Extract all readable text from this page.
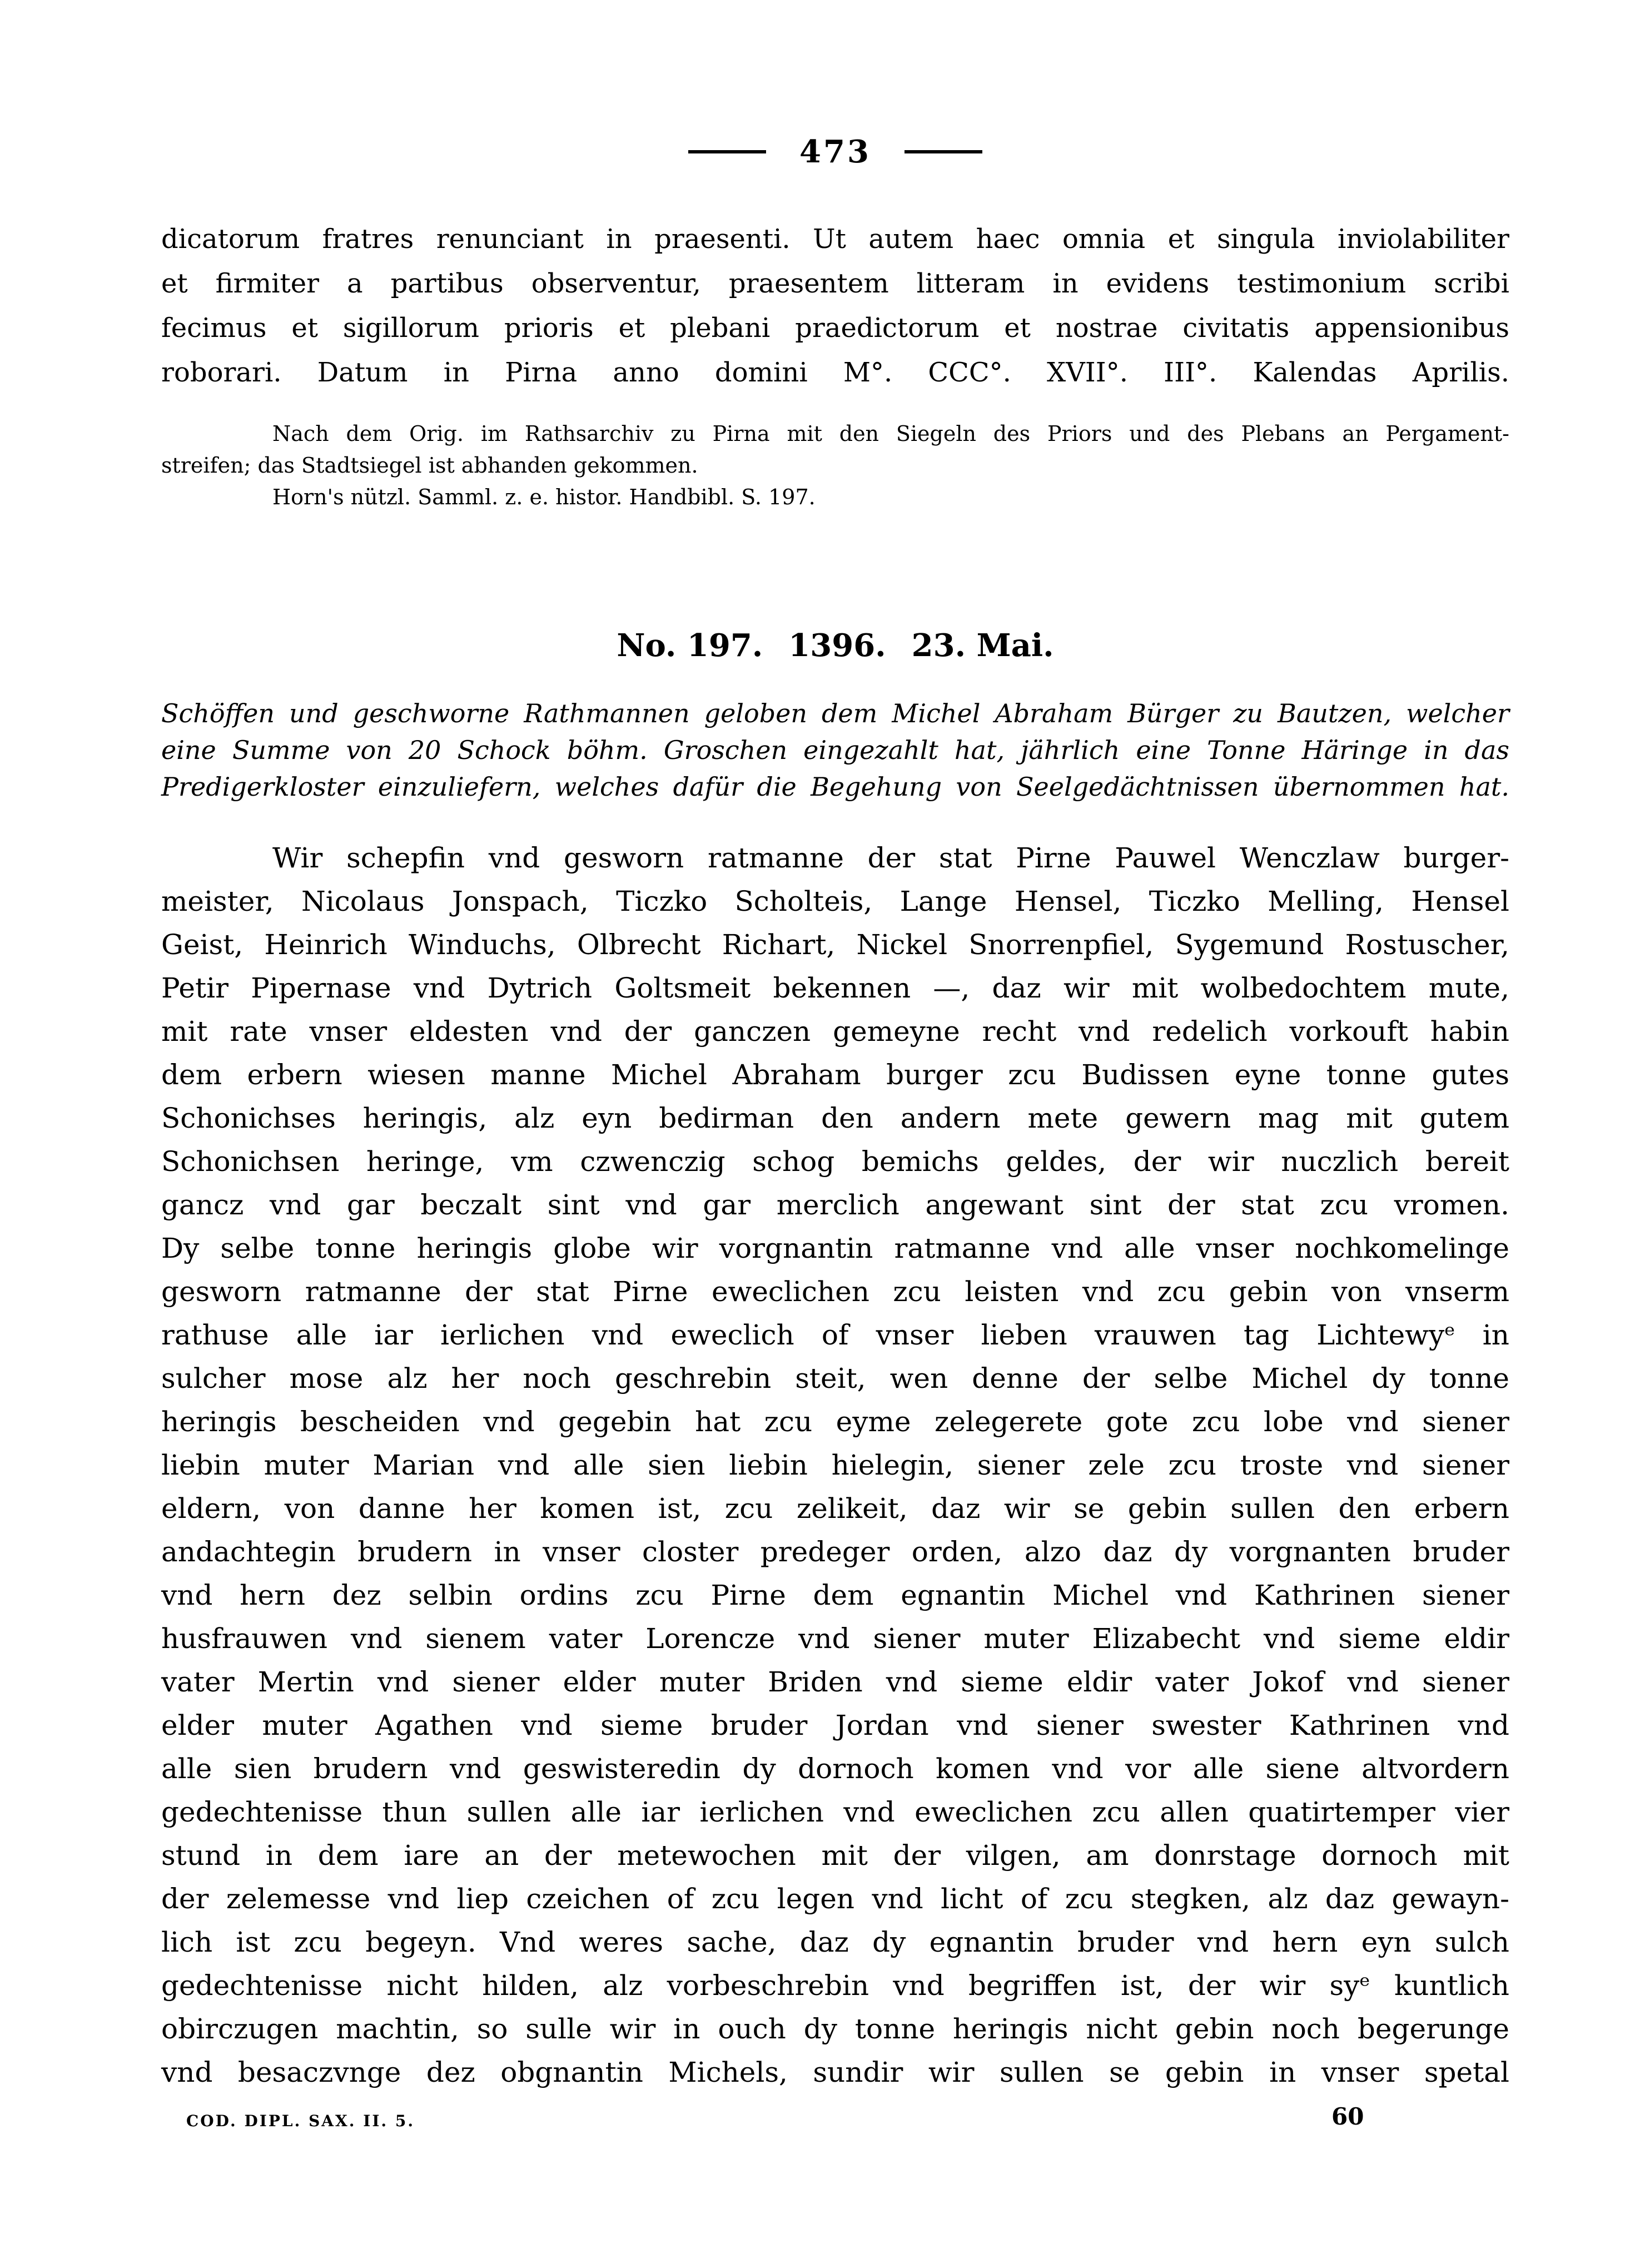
473
dicatorum fratres renunciant in praesenti. Ut autem haec omnia et singula inviolabiliter
et firmiter a partibus observentur, praesentem litteram in evidens testimonium scribi
fecimus et sigillorum prioris et plebani praedictorum et nostrae civitatis appensionibus
roborari. Datum in Pirna anno domini M°. CCC°. XVII°. III°. Kalendas Aprilis.
Nach dem Orig. im Rathsarchiv zu Pirna mit den Siegeln des Priors und des Plebans an Pergament-
streifen; das Stadtsiegel ist abhanden gekommen.
Horn's nützl. Samml. z. e. histor. Handbibl. S. 197.
No. 197. 1396. 23. Mai.
Schöffen und geschworne Rathmannen geloben dem Michel Abraham Bürger zu Bautzen, welcher
eine Summe von 20 Schock böhm. Groschen eingezahlt hat, jährlich eine Tonne Häringe in das
Predigerkloster einzuliefern, welches dafür die Begehung von Seelgedächtnissen übernommen hat.
Wir schepfin vnd gesworn ratmanne der stat Pirne Pauwel Wenczlaw burger-
meister, Nicolaus Jonspach, Ticzko Scholteis, Lange Hensel, Ticzko Melling, Hensel
Geist, Heinrich Winduchs, Olbrecht Richart, Nickel Snorrenpfiel, Sygemund Rostuscher,
Petir Pipernase vnd Dytrich Goltsmeit bekennen —, daz wir mit wolbedochtem mute,
mit rate vnser eldesten vnd der ganczen gemeyne recht vnd redelich vorkouft habin
dem erbern wiesen manne Michel Abraham burger zcu Budissen eyne tonne gutes
Schonichses heringis, alz eyn bedirman den andern mete gewern mag mit gutem
Schonichsen heringe, vm czwenczig schog bemichs geldes, der wir nuczlich bereit
gancz vnd gar beczalt sint vnd gar merclich angewant sint der stat zcu vromen.
Dy selbe tonne heringis globe wir vorgnantin ratmanne vnd alle vnser nochkomelinge
gesworn ratmanne der stat Pirne eweclichen zcu leisten vnd zcu gebin von vnserm
rathuse alle iar ierlichen vnd eweclich of vnser lieben vrauwen tag Lichtewyᵉ in
sulcher mose alz her noch geschrebin steit, wen denne der selbe Michel dy tonne
heringis bescheiden vnd gegebin hat zcu eyme zelegerete gote zcu lobe vnd siener
liebin muter Marian vnd alle sien liebin hielegin, siener zele zcu troste vnd siener
eldern, von danne her komen ist, zcu zelikeit, daz wir se gebin sullen den erbern
andachtegin brudern in vnser closter predeger orden, alzo daz dy vorgnanten bruder
vnd hern dez selbin ordins zcu Pirne dem egnantin Michel vnd Kathrinen siener
husfrauwen vnd sienem vater Lorencze vnd siener muter Elizabecht vnd sieme eldir
vater Mertin vnd siener elder muter Briden vnd sieme eldir vater Jokof vnd siener
elder muter Agathen vnd sieme bruder Jordan vnd siener swester Kathrinen vnd
alle sien brudern vnd geswisteredin dy dornoch komen vnd vor alle siene altvordern
gedechtenisse thun sullen alle iar ierlichen vnd eweclichen zcu allen quatirtemper vier
stund in dem iare an der metewochen mit der vilgen, am donrstage dornoch mit
der zelemesse vnd liep czeichen of zcu legen vnd licht of zcu stegken, alz daz gewayn-
lich ist zcu begeyn. Vnd weres sache, daz dy egnantin bruder vnd hern eyn sulch
gedechtenisse nicht hilden, alz vorbeschrebin vnd begriffen ist, der wir syᵉ kuntlich
obirczugen machtin, so sulle wir in ouch dy tonne heringis nicht gebin noch begerunge
vnd besaczvnge dez obgnantin Michels, sundir wir sullen se gebin in vnser spetal
COD. DIPL. SAX. II. 5.	60
